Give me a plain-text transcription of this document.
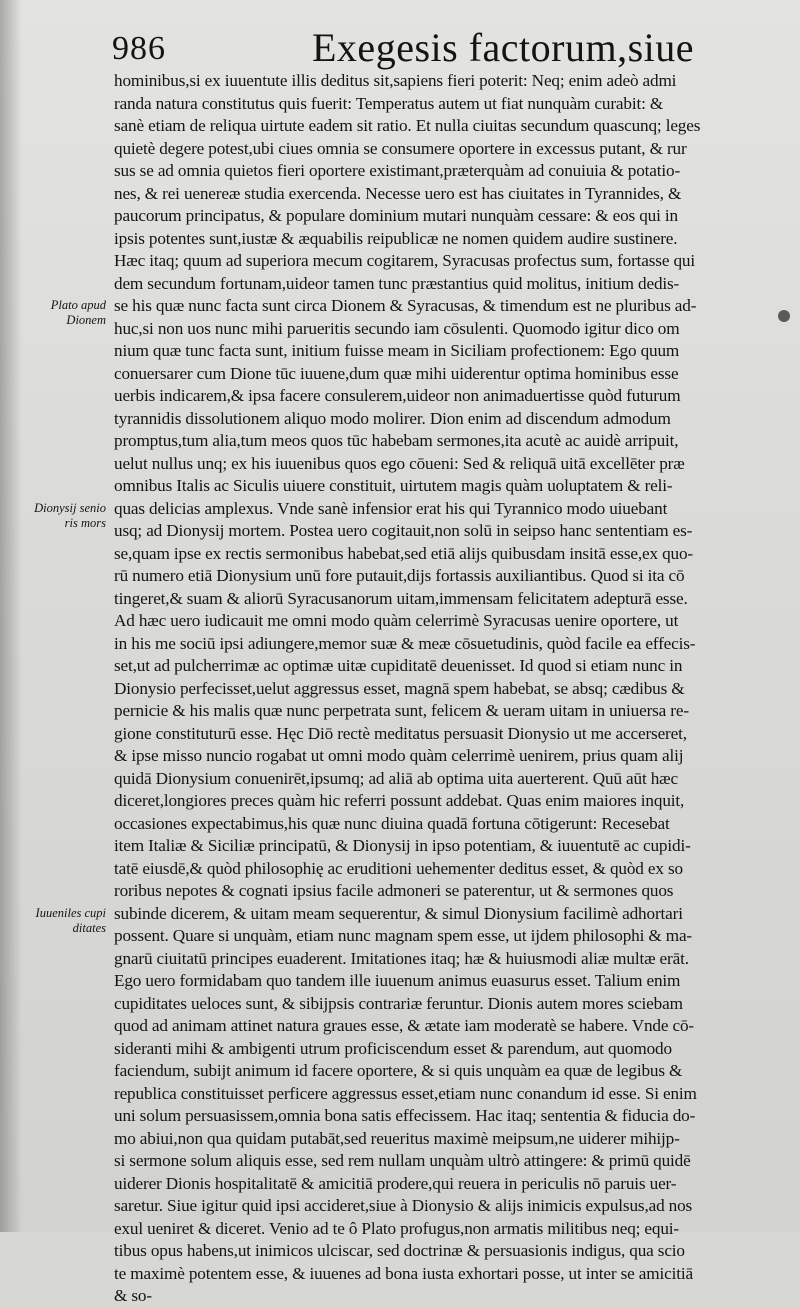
986	Exegesis factorum,siue
Plato apud
Dionem
Dionysij senio
ris mors
Iuueniles cupi
ditates
hominibus,si ex iuuentute illis deditus sit,sapiens fieri poterit: Neq; enim adeò admi
randa natura constitutus quis fuerit: Temperatus autem ut fiat nunquàm curabit: &
sanè etiam de reliqua uirtute eadem sit ratio. Et nulla ciuitas secundum quascunq; leges
quietè degere potest,ubi ciues omnia se consumere oportere in excessus putant, & rur
sus se ad omnia quietos fieri oportere existimant,præterquàm ad conuiuia & potatio-
nes, & rei uenereæ studia exercenda. Necesse uero est has ciuitates in Tyrannides, &
paucorum principatus, & populare dominium mutari nunquàm cessare: & eos qui in
ipsis potentes sunt,iustæ & æquabilis reipublicæ ne nomen quidem audire sustinere.
Hæc itaq; quum ad superiora mecum cogitarem, Syracusas profectus sum, fortasse qui
dem secundum fortunam,uideor tamen tunc præstantius quid molitus, initium dedis-
se his quæ nunc facta sunt circa Dionem & Syracusas, & timendum est ne pluribus ad-
huc,si non uos nunc mihi parueritis secundo iam cōsulenti. Quomodo igitur dico om
nium quæ tunc facta sunt, initium fuisse meam in Siciliam profectionem: Ego quum
conuersarer cum Dione tūc iuuene,dum quæ mihi uiderentur optima hominibus esse
uerbis indicarem,& ipsa facere consulerem,uideor non animaduertisse quòd futurum
tyrannidis dissolutionem aliquo modo molirer. Dion enim ad discendum admodum
promptus,tum alia,tum meos quos tūc habebam sermones,ita acutè ac auidè arripuit,
uelut nullus unq; ex his iuuenibus quos ego cōueni: Sed & reliquā uitā excellēter præ
omnibus Italis ac Siculis uiuere constituit, uirtutem magis quàm uoluptatem & reli-
quas delicias amplexus. Vnde sanè infensior erat his qui Tyrannico modo uiuebant
usq; ad Dionysij mortem. Postea uero cogitauit,non solū in seipso hanc sententiam es-
se,quam ipse ex rectis sermonibus habebat,sed etiā alijs quibusdam insitā esse,ex quo-
rū numero etiā Dionysium unū fore putauit,dijs fortassis auxiliantibus. Quod si ita cō
tingeret,& suam & aliorū Syracusanorum uitam,immensam felicitatem adepturā esse.
Ad hæc uero iudicauit me omni modo quàm celerrimè Syracusas uenire oportere, ut
in his me sociū ipsi adiungere,memor suæ & meæ cōsuetudinis, quòd facile ea effecis-
set,ut ad pulcherrimæ ac optimæ uitæ cupiditatē deuenisset. Id quod si etiam nunc in
Dionysio perfecisset,uelut aggressus esset, magnā spem habebat, se absq; cædibus &
pernicie & his malis quæ nunc perpetrata sunt, felicem & ueram uitam in uniuersa re-
gione constituturū esse. Hęc Diō rectè meditatus persuasit Dionysio ut me accerseret,
& ipse misso nuncio rogabat ut omni modo quàm celerrimè uenirem, prius quam alij
quidā Dionysium conuenirēt,ipsumq; ad aliā ab optima uita auerterent. Quū aūt hæc
diceret,longiores preces quàm hic referri possunt addebat. Quas enim maiores inquit,
occasiones expectabimus,his quæ nunc diuina quadā fortuna cōtigerunt: Recesebat
item Italiæ & Siciliæ principatū, & Dionysij in ipso potentiam, & iuuentutē ac cupidi-
tatē eiusdē,& quòd philosophię ac eruditioni uehementer deditus esset, & quòd ex so
roribus nepotes & cognati ipsius facile admoneri se paterentur, ut & sermones quos
subinde dicerem, & uitam meam sequerentur, & simul Dionysium facilimè adhortari
possent. Quare si unquàm, etiam nunc magnam spem esse, ut ijdem philosophi & ma-
gnarū ciuitatū principes euaderent. Imitationes itaq; hæ & huiusmodi aliæ multæ erāt.
Ego uero formidabam quo tandem ille iuuenum animus euasurus esset. Talium enim
cupiditates ueloces sunt, & sibijpsis contrariæ feruntur. Dionis autem mores sciebam
quod ad animam attinet natura graues esse, & ætate iam moderatè se habere. Vnde cō-
sideranti mihi & ambigenti utrum proficiscendum esset & parendum, aut quomodo
faciendum, subijt animum id facere oportere, & si quis unquàm ea quæ de legibus &
republica constituisset perficere aggressus esset,etiam nunc conandum id esse. Si enim
uni solum persuasissem,omnia bona satis effecissem. Hac itaq; sententia & fiducia do-
mo abiui,non qua quidam putabāt,sed reueritus maximè meipsum,ne uiderer mihijp-
si sermone solum aliquis esse, sed rem nullam unquàm ultrò attingere: & primū quidē
uiderer Dionis hospitalitatē & amicitiā prodere,qui reuera in periculis nō paruis uer-
saretur. Siue igitur quid ipsi accideret,siue à Dionysio & alijs inimicis expulsus,ad nos
exul ueniret & diceret. Venio ad te ô Plato profugus,non armatis militibus neq; equi-
tibus opus habens,ut inimicos ulciscar, sed doctrinæ & persuasionis indigus, qua scio
te maximè potentem esse, & iuuenes ad bona iusta exhortari posse, ut inter se amicitiā
& so-
